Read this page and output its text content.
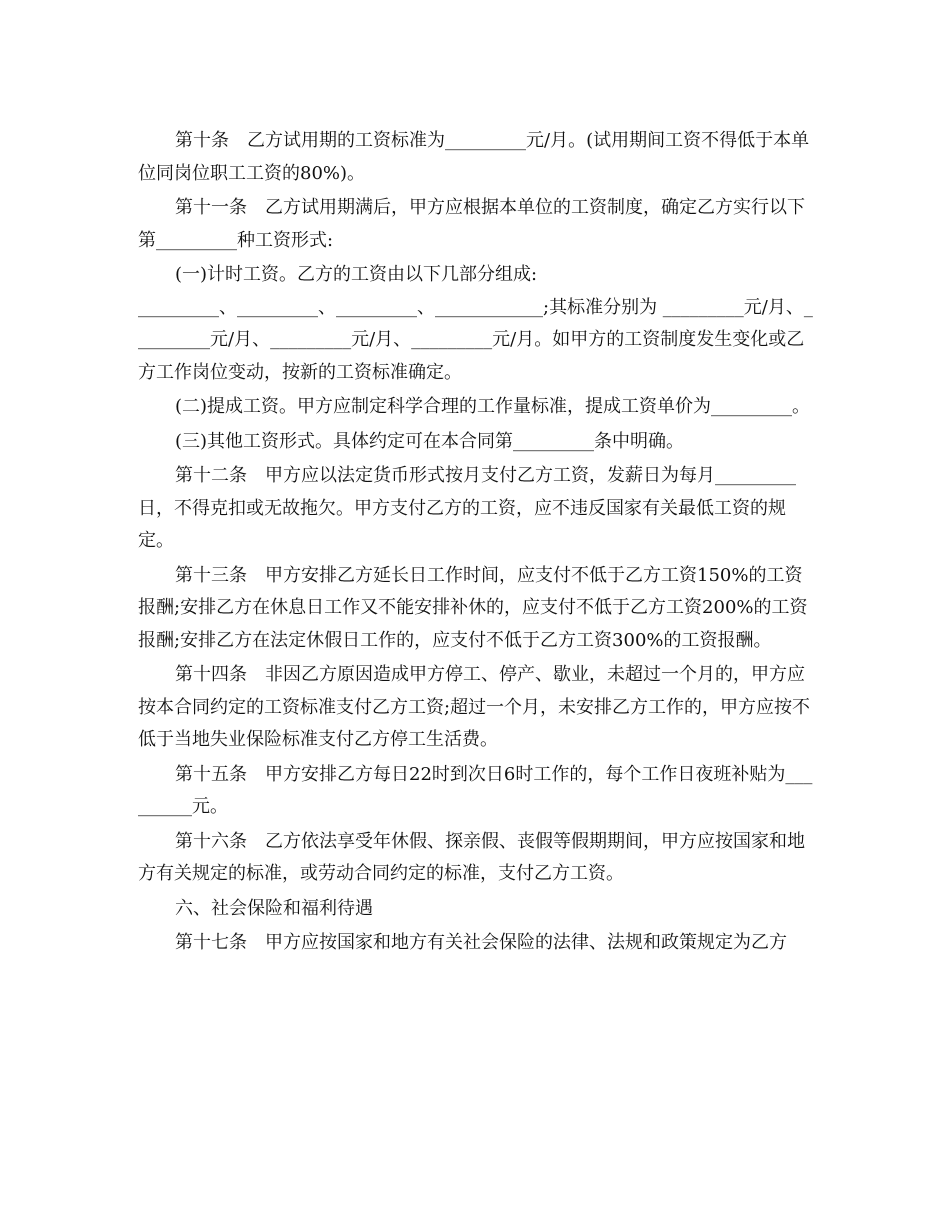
第十条　乙方试用期的工资标准为_________元/月。(试用期间工资不得低于本单位同岗位职工工资的80%)。

第十一条　乙方试用期满后，甲方应根据本单位的工资制度，确定乙方实行以下第_________种工资形式:

(一)计时工资。乙方的工资由以下几部分组成:

_________、_________、_________、____________;其标准分别为 _________元/月、_________元/月、_________元/月、_________元/月。如甲方的工资制度发生变化或乙方工作岗位变动，按新的工资标准确定。

(二)提成工资。甲方应制定科学合理的工作量标准，提成工资单价为_________。

(三)其他工资形式。具体约定可在本合同第_________条中明确。

第十二条　甲方应以法定货币形式按月支付乙方工资，发薪日为每月_________日，不得克扣或无故拖欠。甲方支付乙方的工资，应不违反国家有关最低工资的规定。

第十三条　甲方安排乙方延长日工作时间，应支付不低于乙方工资150%的工资报酬;安排乙方在休息日工作又不能安排补休的，应支付不低于乙方工资200%的工资报酬;安排乙方在法定休假日工作的，应支付不低于乙方工资300%的工资报酬。

第十四条　非因乙方原因造成甲方停工、停产、歇业，未超过一个月的，甲方应按本合同约定的工资标准支付乙方工资;超过一个月，未安排乙方工作的，甲方应按不低于当地失业保险标准支付乙方停工生活费。

第十五条　甲方安排乙方每日22时到次日6时工作的，每个工作日夜班补贴为_________元。

第十六条　乙方依法享受年休假、探亲假、丧假等假期期间，甲方应按国家和地方有关规定的标准，或劳动合同约定的标准，支付乙方工资。

六、社会保险和福利待遇

第十七条　甲方应按国家和地方有关社会保险的法律、法规和政策规定为乙方
